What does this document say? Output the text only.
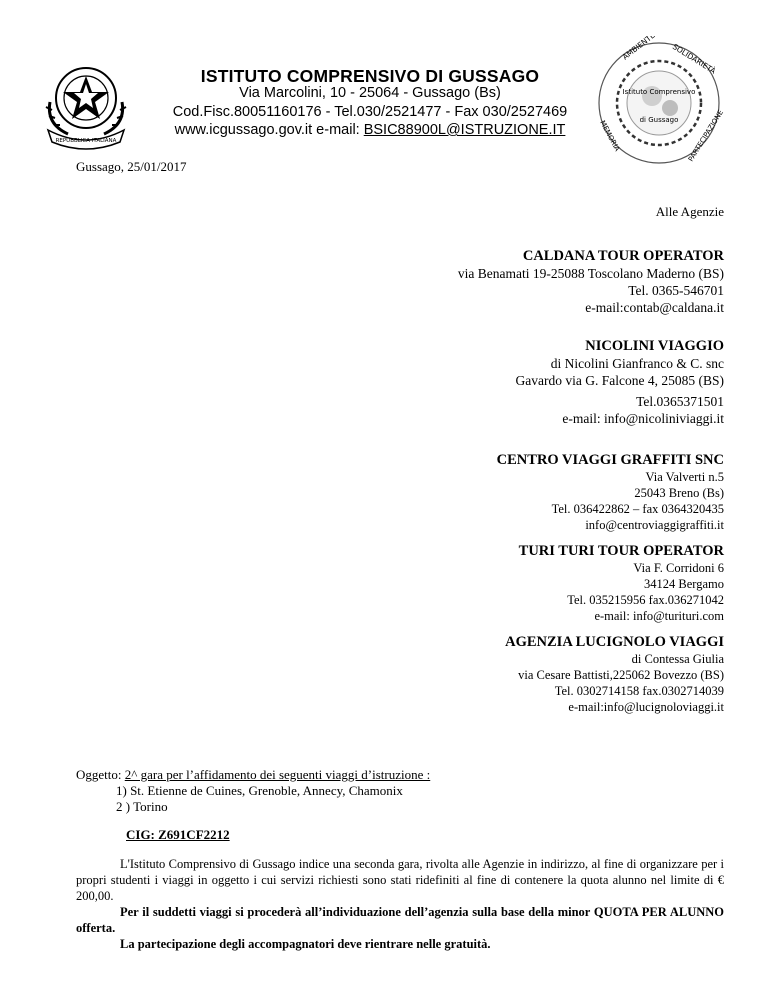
REPUBBLICA ITALIANA
ISTITUTO COMPRENSIVO DI GUSSAGO
Via Marcolini, 10 - 25064 - Gussago (Bs)
Cod.Fisc.80051160176 - Tel.030/2521477 - Fax 030/2527469
www.icgussago.gov.it e-mail: BSIC88900L@ISTRUZIONE.IT
Istituto Comprensivo
di Gussago
AMBIENTE SOLIDARIETÀ
MEMORIA	PARTECIPAZIONE
Gussago, 25/01/2017
Alle Agenzie
CALDANA TOUR OPERATOR
via Benamati 19-25088 Toscolano Maderno (BS)
Tel. 0365-546701
e-mail:contab@caldana.it
NICOLINI VIAGGIO
di Nicolini Gianfranco & C. snc
Gavardo via G. Falcone 4, 25085 (BS)
Tel.0365371501
e-mail: info@nicoliniviaggi.it
CENTRO VIAGGI GRAFFITI SNC
Via Valverti n.5
25043 Breno (Bs)
Tel. 036422862 – fax 0364320435
info@centroviaggigraffiti.it
TURI TURI TOUR OPERATOR
Via F. Corridoni 6
34124 Bergamo
Tel. 035215956 fax.036271042
e-mail: info@turituri.com
AGENZIA LUCIGNOLO VIAGGI
di Contessa Giulia
via Cesare Battisti,225062 Bovezzo (BS)
Tel. 0302714158 fax.0302714039
e-mail:info@lucignoloviaggi.it
Oggetto: 2^ gara per l’affidamento dei seguenti viaggi d’istruzione :
1) St. Etienne de Cuines, Grenoble, Annecy, Chamonix
2 ) Torino
CIG: Z691CF2212
L'Istituto Comprensivo di Gussago indice una seconda gara, rivolta alle Agenzie in indirizzo, al fine di organizzare per i propri studenti i viaggi in oggetto i cui servizi richiesti sono stati ridefiniti al fine di contenere la quota alunno nel limite di € 200,00.
Per il suddetti viaggi si procederà all’individuazione dell’agenzia sulla base della minor QUOTA PER ALUNNO offerta.
La partecipazione degli accompagnatori deve rientrare nelle gratuità.
